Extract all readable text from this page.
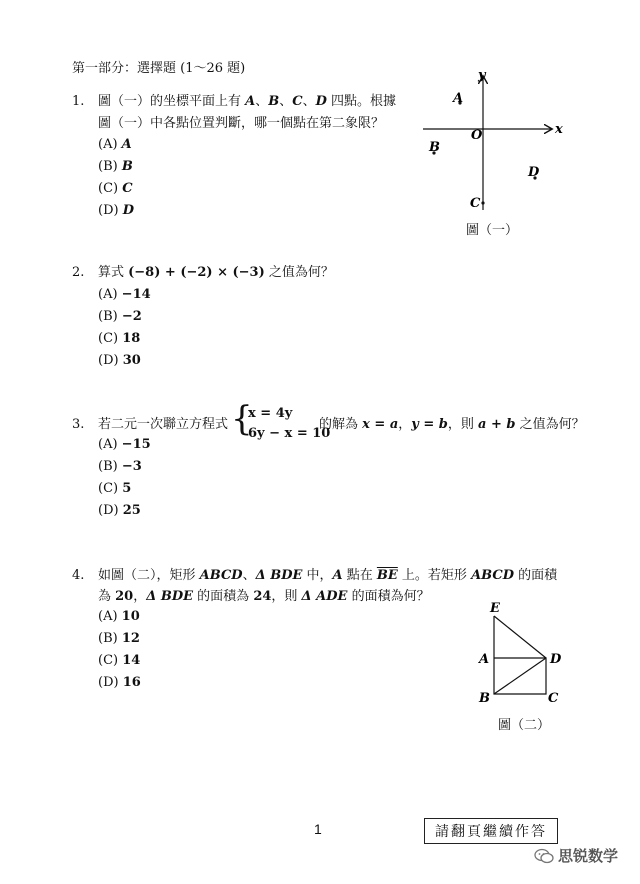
第一部分：選擇題 (1～26 題)
1. 圖（一）的坐標平面上有 A、B、C、D 四點。根據
圖（一）中各點位置判斷，哪一個點在第二象限？
(A) A
(B) B
(C) C
(D) D
x
y
O
A
B
C
D
圖（一）
2. 算式 (−8) + (−2) × (−3) 之值為何？
(A) −14
(B) −2
(C) 18
(D) 30
3. 若二元一次聯立方程式 {
x = 4y
6y − x = 10
的解為 x = a，y = b，則 a + b 之值為何？
(A) −15
(B) −3
(C) 5
(D) 25
4. 如圖（二），矩形 ABCD、Δ BDE 中，A 點在 $\overline{BE}$ 上。若矩形 ABCD 的面積
為 20，Δ BDE 的面積為 24，則 Δ ADE 的面積為何？
(A) 10
(B) 12
(C) 14
(D) 16
E
A	D
B	C
圖（二）
1	請翻頁繼續作答
思锐数学
